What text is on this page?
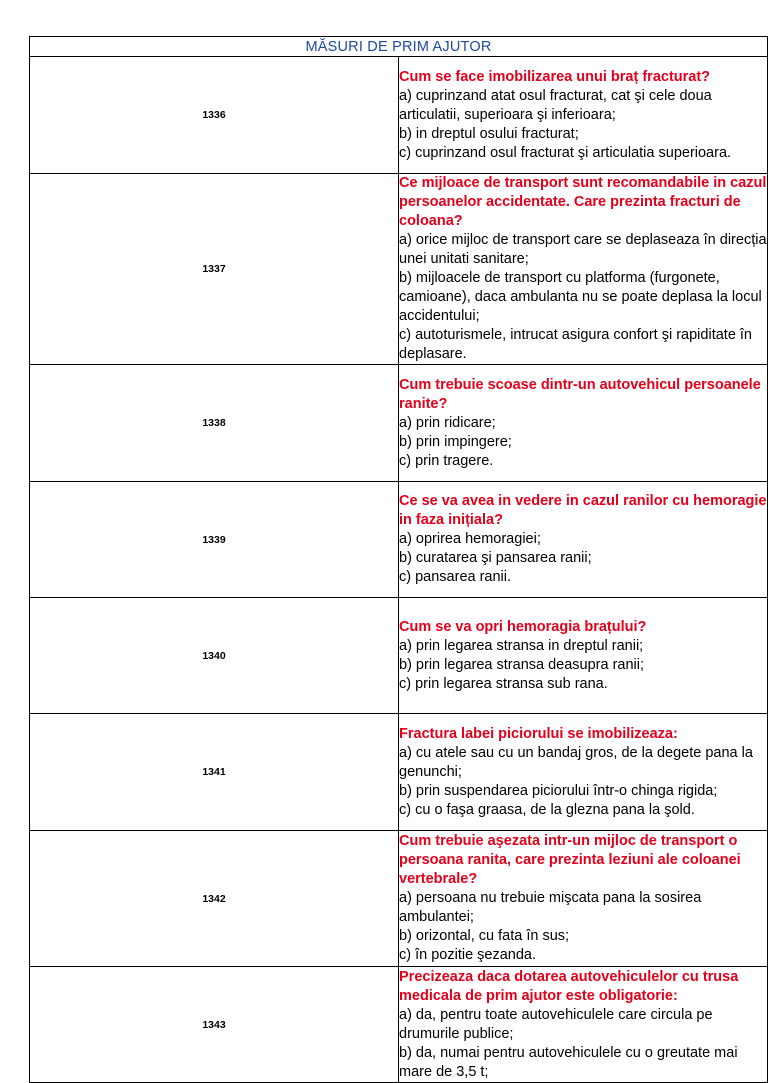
MĂSURI DE PRIM AJUTOR	
1336	Cum se face imobilizarea unui braț fracturat?
a) cuprinzand atat osul fracturat, cat şi cele doua articulatii, superioara şi inferioara;
b) in dreptul osului fracturat;
c) cuprinzand osul fracturat şi articulatia superioara.

1337	Ce mijloace de transport sunt recomandabile in cazul persoanelor accidentate. Care prezinta fracturi de coloana?
a) orice mijloc de transport care se deplaseaza în direcția unei unitati sanitare;
b) mijloacele de transport cu platforma (furgonete, camioane), daca ambulanta nu se poate deplasa la locul accidentului;
c) autoturismele, intrucat asigura confort şi rapiditate în deplasare.

1338	Cum trebuie scoase dintr-un autovehicul persoanele ranite?
a) prin ridicare;
b) prin impingere;
c) prin tragere.

1339	Ce se va avea in vedere in cazul ranilor cu hemoragie in faza inițiala?
a) oprirea hemoragiei;
b) curatarea şi pansarea ranii;
c) pansarea ranii.

1340	Cum se va opri hemoragia brațului?
a) prin legarea stransa in dreptul ranii;
b) prin legarea stransa deasupra ranii;
c) prin legarea stransa sub rana.

1341	Fractura labei piciorului se imobilizeaza:
a) cu atele sau cu un bandaj gros, de la degete pana la genunchi;
b) prin suspendarea piciorului într-o chinga rigida;
c) cu o faşa graasa, de la glezna pana la şold.

1342	Cum trebuie aşezata intr-un mijloc de transport o persoana ranita, care prezinta leziuni ale coloanei vertebrale?
a) persoana nu trebuie mişcata pana la sosirea ambulantei;
b) orizontal, cu fata în sus;
c) în pozitie şezanda.

1343	Precizeaza daca dotarea autovehiculelor cu trusa medicala de prim ajutor este obligatorie:
a) da, pentru toate autovehiculele care circula pe drumurile publice;
b) da, numai pentru autovehiculele cu o greutate mai mare de 3,5 t;
